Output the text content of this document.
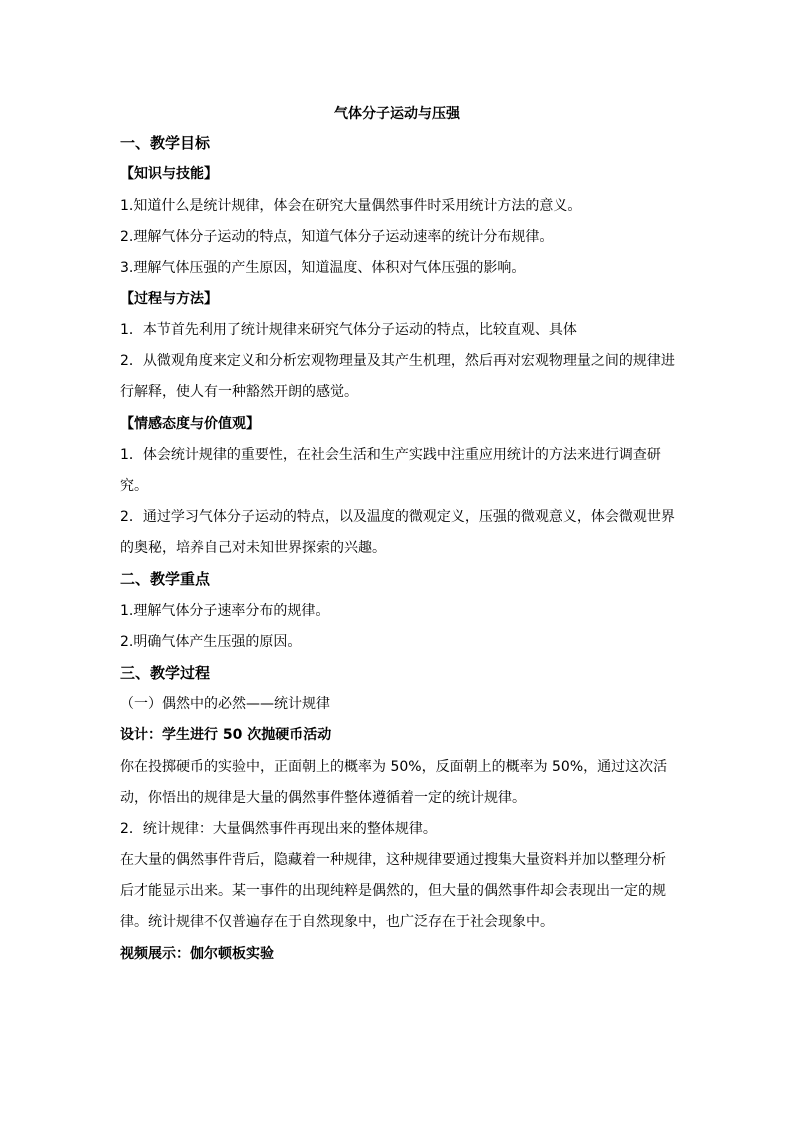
气体分子运动与压强
一、教学目标
【知识与技能】
1.知道什么是统计规律，体会在研究大量偶然事件时采用统计方法的意义。
2.理解气体分子运动的特点，知道气体分子运动速率的统计分布规律。
3.理解气体压强的产生原因，知道温度、体积对气体压强的影响。
【过程与方法】
1．本节首先利用了统计规律来研究气体分子运动的特点，比较直观、具体
2．从微观角度来定义和分析宏观物理量及其产生机理，然后再对宏观物理量之间的规律进
行解释，使人有一种豁然开朗的感觉。
【情感态度与价值观】
1．体会统计规律的重要性，在社会生活和生产实践中注重应用统计的方法来进行调查研
究。
2．通过学习气体分子运动的特点，以及温度的微观定义，压强的微观意义，体会微观世界
的奥秘，培养自己对未知世界探索的兴趣。
二、教学重点
1.理解气体分子速率分布的规律。
2.明确气体产生压强的原因。
三、教学过程
（一）偶然中的必然——统计规律
设计：学生进行 50 次抛硬币活动
你在投掷硬币的实验中，正面朝上的概率为 50%，反面朝上的概率为 50%，通过这次活
动，你悟出的规律是大量的偶然事件整体遵循着一定的统计规律。
2．统计规律：大量偶然事件再现出来的整体规律。
在大量的偶然事件背后，隐藏着一种规律，这种规律要通过搜集大量资料并加以整理分析
后才能显示出来。某一事件的出现纯粹是偶然的，但大量的偶然事件却会表现出一定的规
律。统计规律不仅普遍存在于自然现象中，也广泛存在于社会现象中。
视频展示：伽尔顿板实验
